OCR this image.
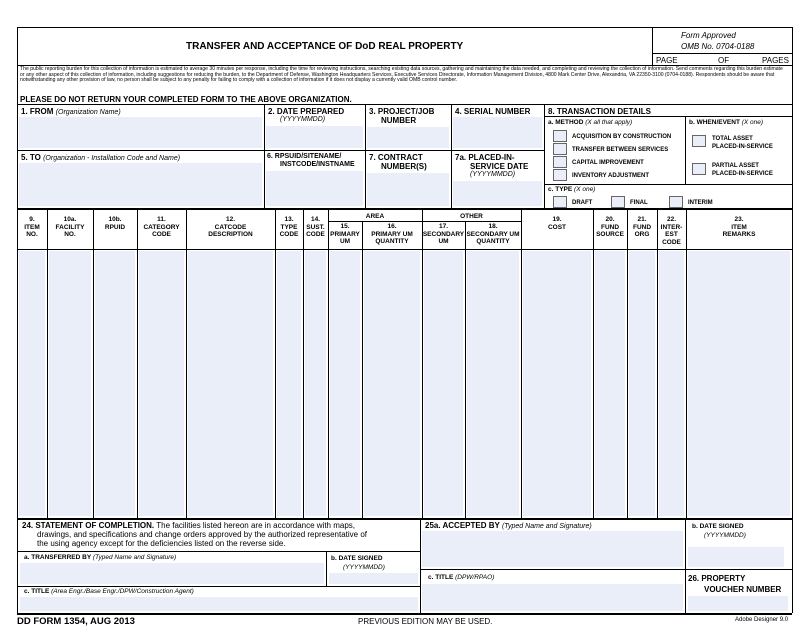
TRANSFER AND ACCEPTANCE OF DoD REAL PROPERTY
Form Approved
OMB No. 0704-0188
PAGE	OF	PAGES
The public reporting burden for this collection of information is estimated to average 30 minutes per response, including the time for reviewing instructions, searching existing data sources, gathering and maintaining the data needed, and completing and reviewing the collection of information. Send comments regarding this burden estimate or any other aspect of this collection of information, including suggestions for reducing the burden, to the Department of Defense, Washington Headquarters Services, Executive Services Directorate, Information Management Division, 4800 Mark Center Drive, Alexandria, VA 22350-3100 (0704-0188). Respondents should be aware that notwithstanding any other provision of law, no person shall be subject to any penalty for failing to comply with a collection of information if it does not display a currently valid OMB control number.
PLEASE DO NOT RETURN YOUR COMPLETED FORM TO THE ABOVE ORGANIZATION.
1. FROM (Organization Name)	2. DATE PREPARED
(YYYYMMDD)
3. PROJECT/JOB
NUMBER
4. SERIAL NUMBER 8. TRANSACTION DETAILS
a. METHOD (X all that apply)
ACQUISITION BY CONSTRUCTION
TRANSFER BETWEEN SERVICES
CAPITAL IMPROVEMENT
INVENTORY ADJUSTMENT
b. WHEN/EVENT (X one)
TOTAL ASSET
PLACED-IN-SERVICE
PARTIAL ASSET
PLACED-IN-SERVICE
c. TYPE (X one)
DRAFT	FINAL	INTERIM
5. TO (Organization - Installation Code and Name)	6. RPSUID/SITENAME/
INSTCODE/INSTNAME
7. CONTRACT
NUMBER(S)
7a. PLACED-IN-
SERVICE DATE
(YYYYMMDD)
AREA	OTHER
9.
ITEM
NO.
10a.
FACILITY
NO.
10b.
RPUID
11.
CATEGORY
CODE
12.
CATCODE
DESCRIPTION
13.
TYPE
CODE
14.
SUST.
CODE
15.
PRIMARY
UM
16.
PRIMARY UM
QUANTITY
17.
SECONDARY
UM
18.
SECONDARY UM
QUANTITY
19.
COST
20.
FUND
SOURCE
21.
FUND
ORG
22.
INTER-
EST
CODE
23.
ITEM
REMARKS
24. STATEMENT OF COMPLETION. The facilities listed hereon are in accordance with maps,
drawings, and specifications and change orders approved by the authorized representative of
the using agency except for the deficiencies listed on the reverse side.
a. TRANSFERRED BY (Typed Name and Signature)	b. DATE SIGNED
(YYYYMMDD)
c. TITLE (Area Engr./Base Engr./DPW/Construction Agent)
25a. ACCEPTED BY (Typed Name and Signature)
c. TITLE (DPW/RPAO)
b. DATE SIGNED
(YYYYMMDD)
26. PROPERTY
VOUCHER NUMBER
DD FORM 1354, AUG 2013	PREVIOUS EDITION MAY BE USED.	Adobe Designer 9.0
